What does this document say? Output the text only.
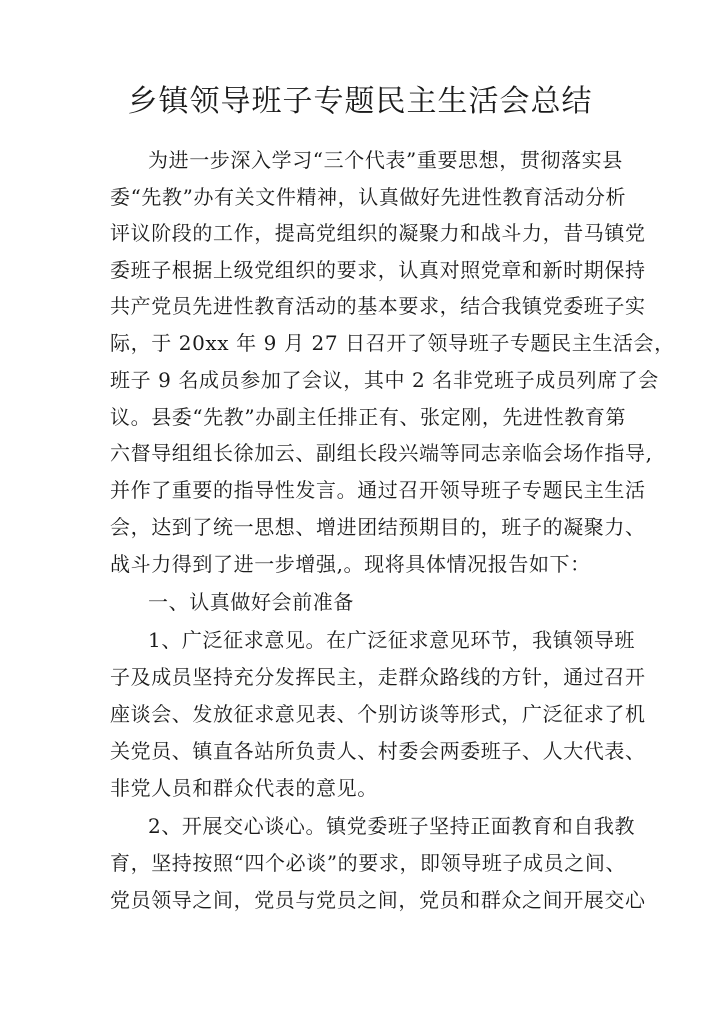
乡镇领导班子专题民主生活会总结

为进一步深入学习“三个代表”重要思想，贯彻落实县

委“先教”办有关文件精神，认真做好先进性教育活动分析

评议阶段的工作，提高党组织的凝聚力和战斗力，昔马镇党

委班子根据上级党组织的要求，认真对照党章和新时期保持

共产党员先进性教育活动的基本要求，结合我镇党委班子实

际，于 20xx 年 9 月 27 日召开了领导班子专题民主生活会，

班子 9 名成员参加了会议，其中 2 名非党班子成员列席了会

议。县委“先教”办副主任排正有、张定刚，先进性教育第

六督导组组长徐加云、副组长段兴端等同志亲临会场作指导,

并作了重要的指导性发言。通过召开领导班子专题民主生活

会，达到了统一思想、增进团结预期目的，班子的凝聚力、

战斗力得到了进一步增强,。现将具体情况报告如下：

一、认真做好会前准备

1、广泛征求意见。在广泛征求意见环节，我镇领导班

子及成员坚持充分发挥民主，走群众路线的方针，通过召开

座谈会、发放征求意见表、个别访谈等形式，广泛征求了机

关党员、镇直各站所负责人、村委会两委班子、人大代表、

非党人员和群众代表的意见。

2、开展交心谈心。镇党委班子坚持正面教育和自我教

育，坚持按照“四个必谈”的要求，即领导班子成员之间、

党员领导之间，党员与党员之间，党员和群众之间开展交心
